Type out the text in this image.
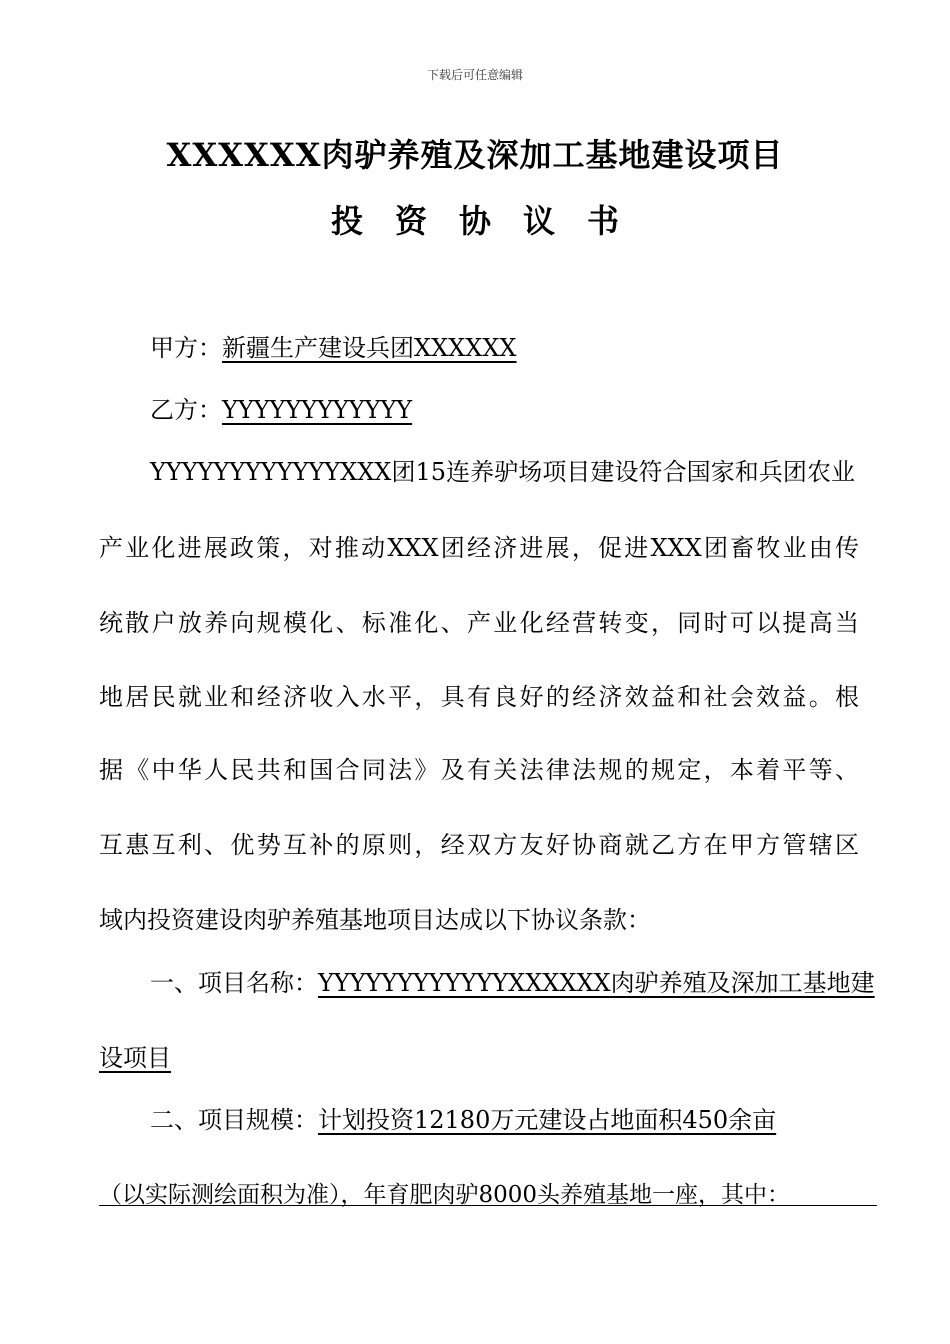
下载后可任意编辑
XXXXXX肉驴养殖及深加工基地建设项目
投资协议书
甲方：新疆生产建设兵团XXXXXX
乙方：YYYYYYYYYYYY
YYYYYYYYYYYYXXX团15连养驴场项目建设符合国家和兵团农业
产业化进展政策，对推动XXX团经济进展，促进XXX团畜牧业由传
统散户放养向规模化、标准化、产业化经营转变，同时可以提高当
地居民就业和经济收入水平，具有良好的经济效益和社会效益。根
据《中华人民共和国合同法》及有关法律法规的规定，本着平等、
互惠互利、优势互补的原则，经双方友好协商就乙方在甲方管辖区
域内投资建设肉驴养殖基地项目达成以下协议条款：
一、项目名称：YYYYYYYYYYYYXXXXXX肉驴养殖及深加工基地建
设项目
二、项目规模：计划投资12180万元建设占地面积450余亩
（以实际测绘面积为准），年育肥肉驴8000头养殖基地一座，其中：
